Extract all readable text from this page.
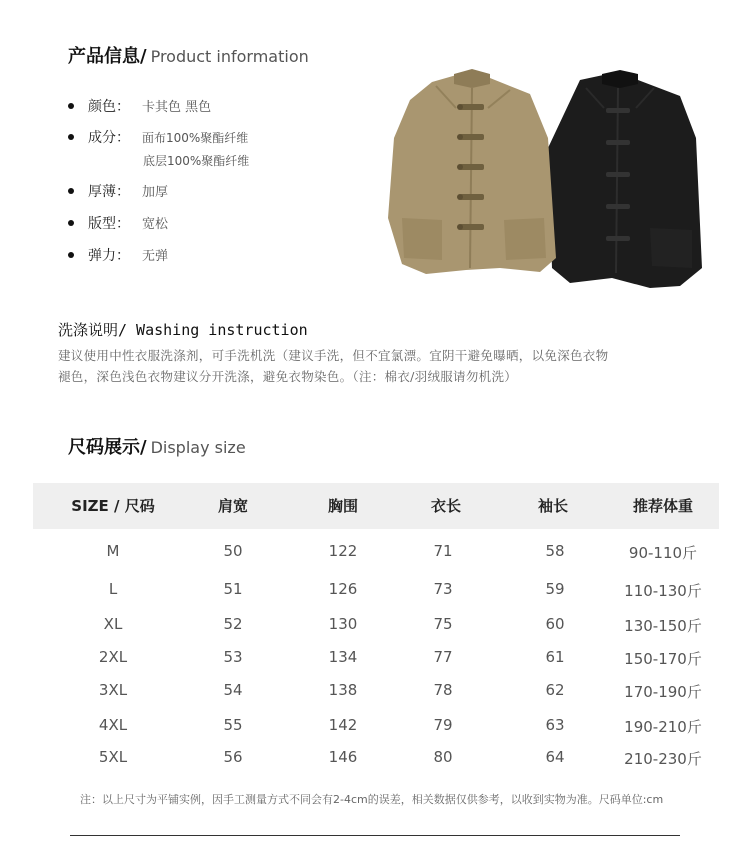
产品信息/ Product information
颜色： 卡其色 黑色
成分： 面布100%聚酯纤维
底层100%聚酯纤维
厚薄： 加厚
版型： 宽松
弹力： 无弹
洗涤说明/ Washing instruction
建议使用中性衣服洗涤剂，可手洗机洗（建议手洗，但不宜氯漂。宜阴干避免曝晒，以免深色衣物
褪色，深色浅色衣物建议分开洗涤，避免衣物染色。（注：棉衣/羽绒服请勿机洗）
尺码展示/ Display size
SIZE / 尺码	肩宽	胸围	衣长	袖长	推荐体重
M	50	122	71	58	90-110斤
L	51	126	73	59	110-130斤
XL	52	130	75	60	130-150斤
2XL	53	134	77	61	150-170斤
3XL	54	138	78	62	170-190斤
4XL	55	142	79	63	190-210斤
5XL	56	146	80	64	210-230斤
注：以上尺寸为平铺实例，因手工测量方式不同会有2-4cm的误差，相关数据仅供参考，以收到实物为准。尺码单位:cm
